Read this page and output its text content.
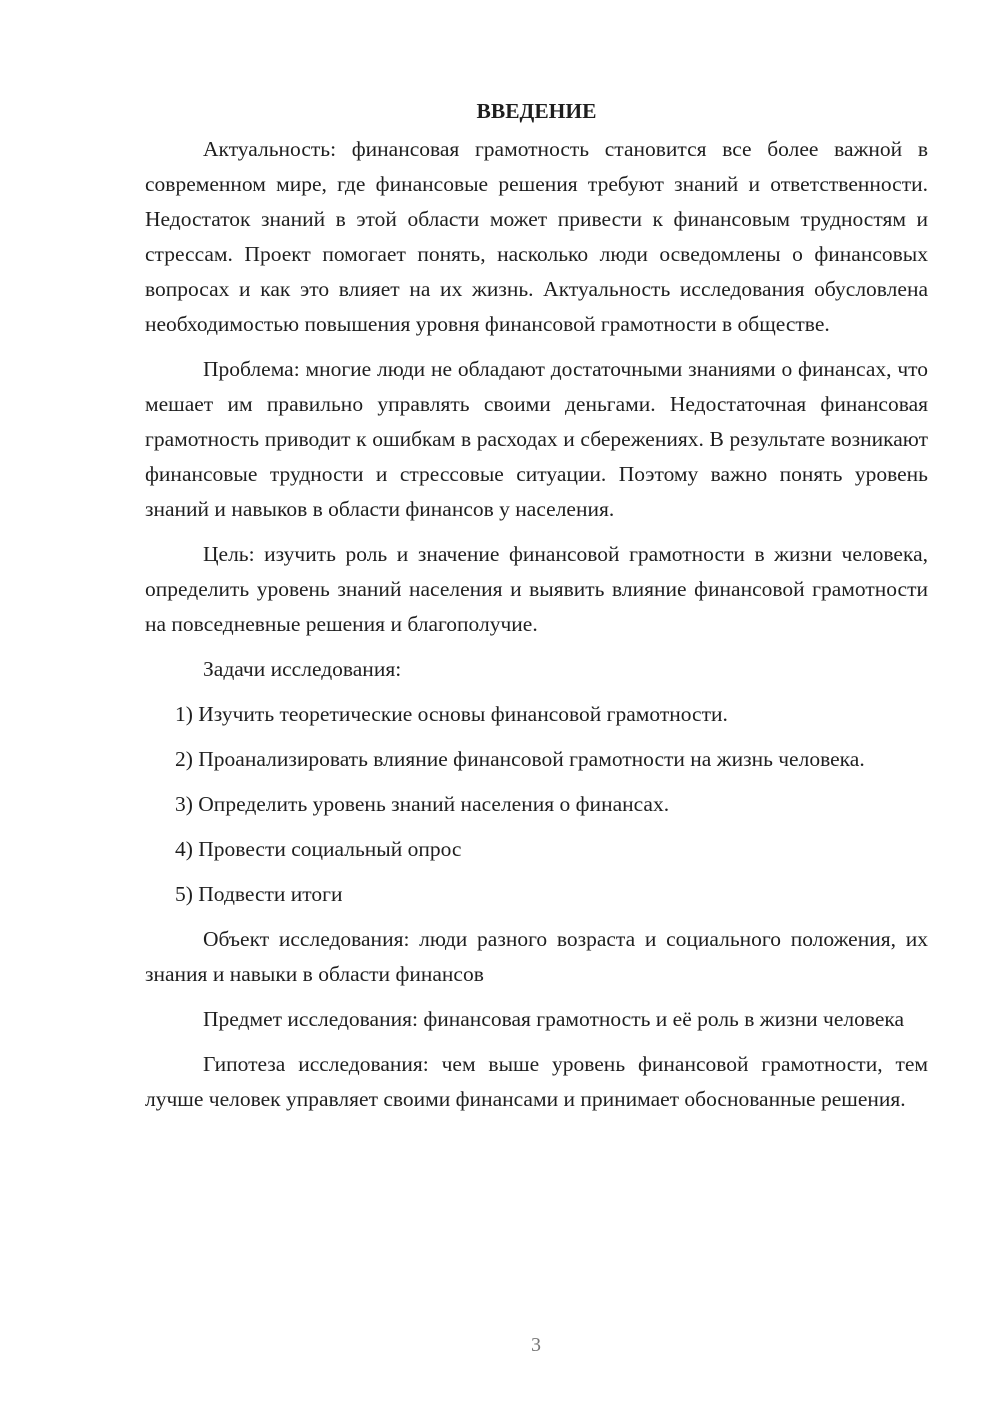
ВВЕДЕНИЕ

Актуальность: финансовая грамотность становится все более важной в современном мире, где финансовые решения требуют знаний и ответственности. Недостаток знаний в этой области может привести к финансовым трудностям и стрессам. Проект помогает понять, насколько люди осведомлены о финансовых вопросах и как это влияет на их жизнь. Актуальность исследования обусловлена необходимостью повышения уровня финансовой грамотности в обществе.

Проблема: многие люди не обладают достаточными знаниями о финансах, что мешает им правильно управлять своими деньгами. Недостаточная финансовая грамотность приводит к ошибкам в расходах и сбережениях. В результате возникают финансовые трудности и стрессовые ситуации. Поэтому важно понять уровень знаний и навыков в области финансов у населения.

Цель: изучить роль и значение финансовой грамотности в жизни человека, определить уровень знаний населения и выявить влияние финансовой грамотности на повседневные решения и благополучие.

Задачи исследования:

1) Изучить теоретические основы финансовой грамотности.

2) Проанализировать влияние финансовой грамотности на жизнь человека.

3) Определить уровень знаний населения о финансах.

4) Провести социальный опрос

5) Подвести итоги

Объект исследования: люди разного возраста и социального положения, их знания и навыки в области финансов

Предмет исследования: финансовая грамотность и её роль в жизни человека

Гипотеза исследования: чем выше уровень финансовой грамотности, тем лучше человек управляет своими финансами и принимает обоснованные решения.

3
